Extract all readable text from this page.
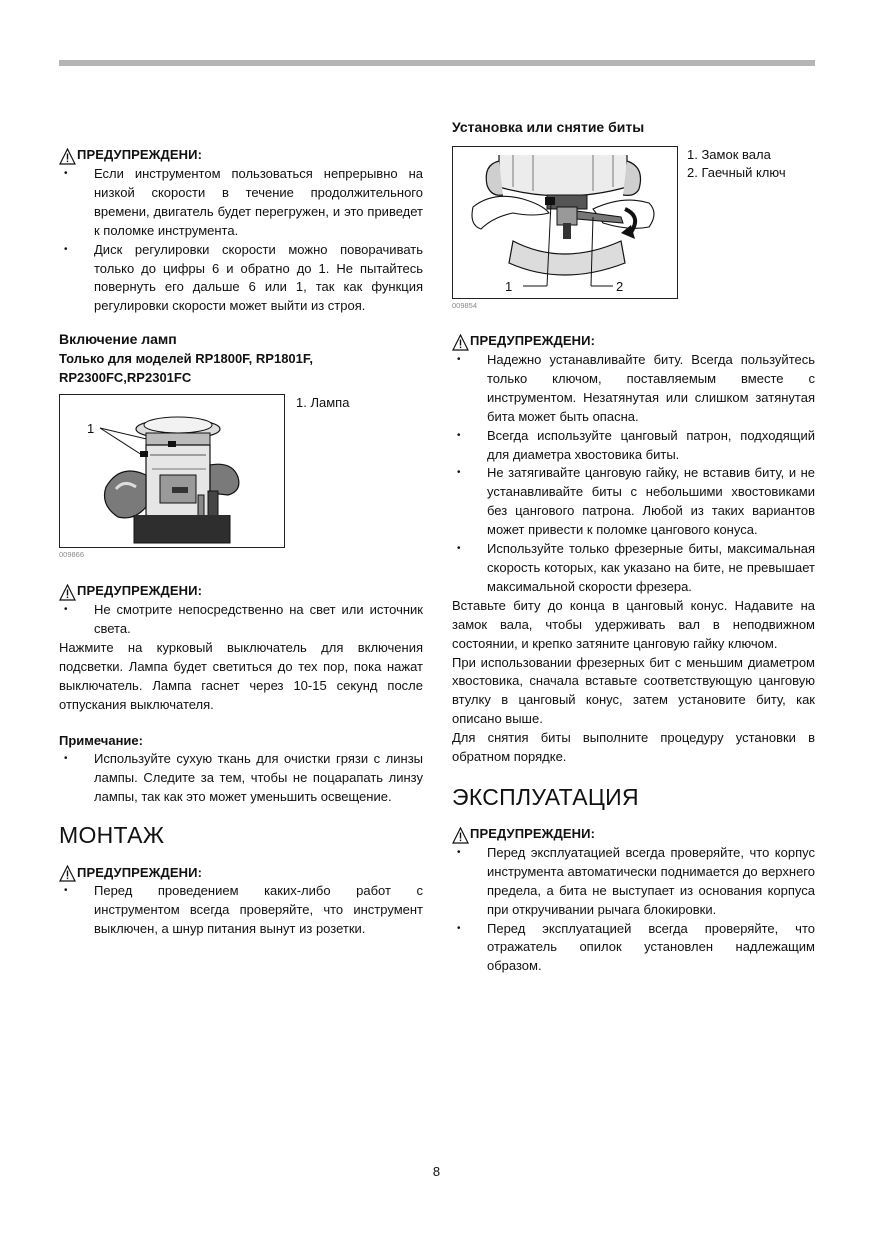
ПРЕДУПРЕЖДЕНИ:
• Если инструментом пользоваться непрерывно на низкой скорости в течение продолжительного времени, двигатель будет перегружен, и это приведет к поломке инструмента.
• Диск регулировки скорости можно поворачивать только до цифры 6 и обратно до 1. Не пытайтесь повернуть его дальше 6 или 1, так как функция регулировки скорости может выйти из строя.
Включение ламп
Только для моделей RP1800F, RP1801F, RP2300FC,RP2301FC
1
009866
1. Лампа
ПРЕДУПРЕЖДЕНИ:
• Не смотрите непосредственно на свет или источник света.

Нажмите на курковый выключатель для включения подсветки. Лампа будет светиться до тех пор, пока нажат выключатель. Лампа гаснет через 10-15 секунд после отпускания выключателя.

Примечание:
• Используйте сухую ткань для очистки грязи с линзы лампы. Следите за тем, чтобы не поцарапать линзу лампы, так как это может уменьшить освещение.
МОНТАЖ
ПРЕДУПРЕЖДЕНИ:
• Перед проведением каких-либо работ с инструментом всегда проверяйте, что инструмент выключен, а шнур питания вынут из розетки.
Установка или снятие биты
1	2
009854
1. Замок вала
2. Гаечный ключ
ПРЕДУПРЕЖДЕНИ:
• Надежно устанавливайте биту. Всегда пользуйтесь только ключом, поставляемым вместе с инструментом. Незатянутая или слишком затянутая бита может быть опасна.
• Всегда используйте цанговый патрон, подходящий для диаметра хвостовика биты.
• Не затягивайте цанговую гайку, не вставив биту, и не устанавливайте биты с небольшими хвостовиками без цангового патрона. Любой из таких вариантов может привести к поломке цангового конуса.
• Используйте только фрезерные биты, максимальная скорость которых, как указано на бите, не превышает максимальной скорости фрезера.

Вставьте биту до конца в цанговый конус. Надавите на замок вала, чтобы удерживать вал в неподвижном состоянии, и крепко затяните цанговую гайку ключом.

При использовании фрезерных бит с меньшим диаметром хвостовика, сначала вставьте соответствующую цанговую втулку в цанговый конус, затем установите биту, как описано выше.

Для снятия биты выполните процедуру установки в обратном порядке.

ЭКСПЛУАТАЦИЯ
ПРЕДУПРЕЖДЕНИ:
• Перед эксплуатацией всегда проверяйте, что корпус инструмента автоматически поднимается до верхнего предела, а бита не выступает из основания корпуса при откручивании рычага блокировки.
• Перед эксплуатацией всегда проверяйте, что отражатель опилок установлен надлежащим образом.
8
